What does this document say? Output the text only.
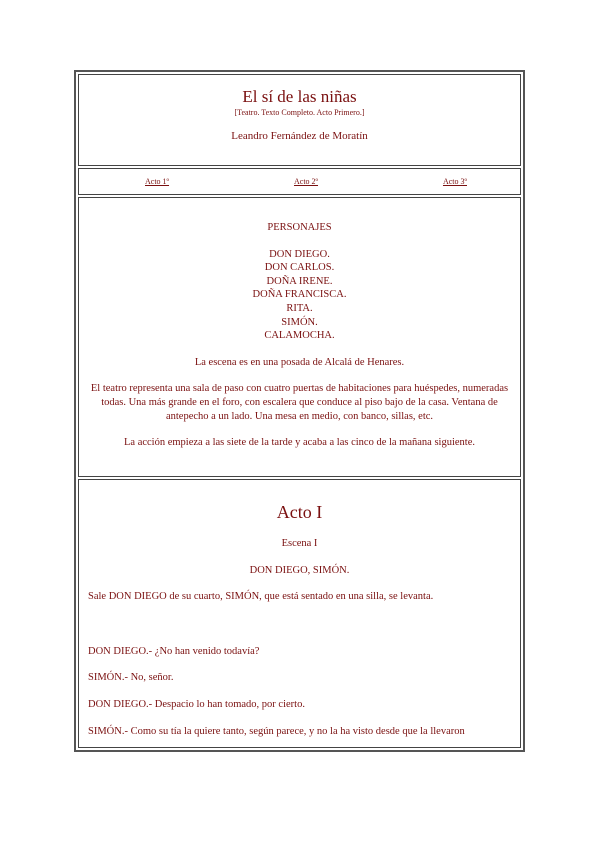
El sí de las niñas
[Teatro. Texto Completo. Acto Primero.]
Leandro Fernández de Moratín
Acto 1º	Acto 2º	Acto 3º
PERSONAJES
DON DIEGO.
DON CARLOS.
DOÑA IRENE.
DOÑA FRANCISCA.
RITA.
SIMÓN.
CALAMOCHA.
La escena es en una posada de Alcalá de Henares.
El teatro representa una sala de paso con cuatro puertas de habitaciones para huéspedes, numeradas todas. Una más grande en el foro, con escalera que conduce al piso bajo de la casa. Ventana de antepecho a un lado. Una mesa en medio, con banco, sillas, etc.
La acción empieza a las siete de la tarde y acaba a las cinco de la mañana siguiente.
Acto I
Escena I
DON DIEGO, SIMÓN.
Sale DON DIEGO de su cuarto, SIMÓN, que está sentado en una silla, se levanta.
DON DIEGO.- ¿No han venido todavía?
SIMÓN.- No, señor.
DON DIEGO.- Despacio lo han tomado, por cierto.
SIMÓN.- Como su tía la quiere tanto, según parece, y no la ha visto desde que la llevaron
